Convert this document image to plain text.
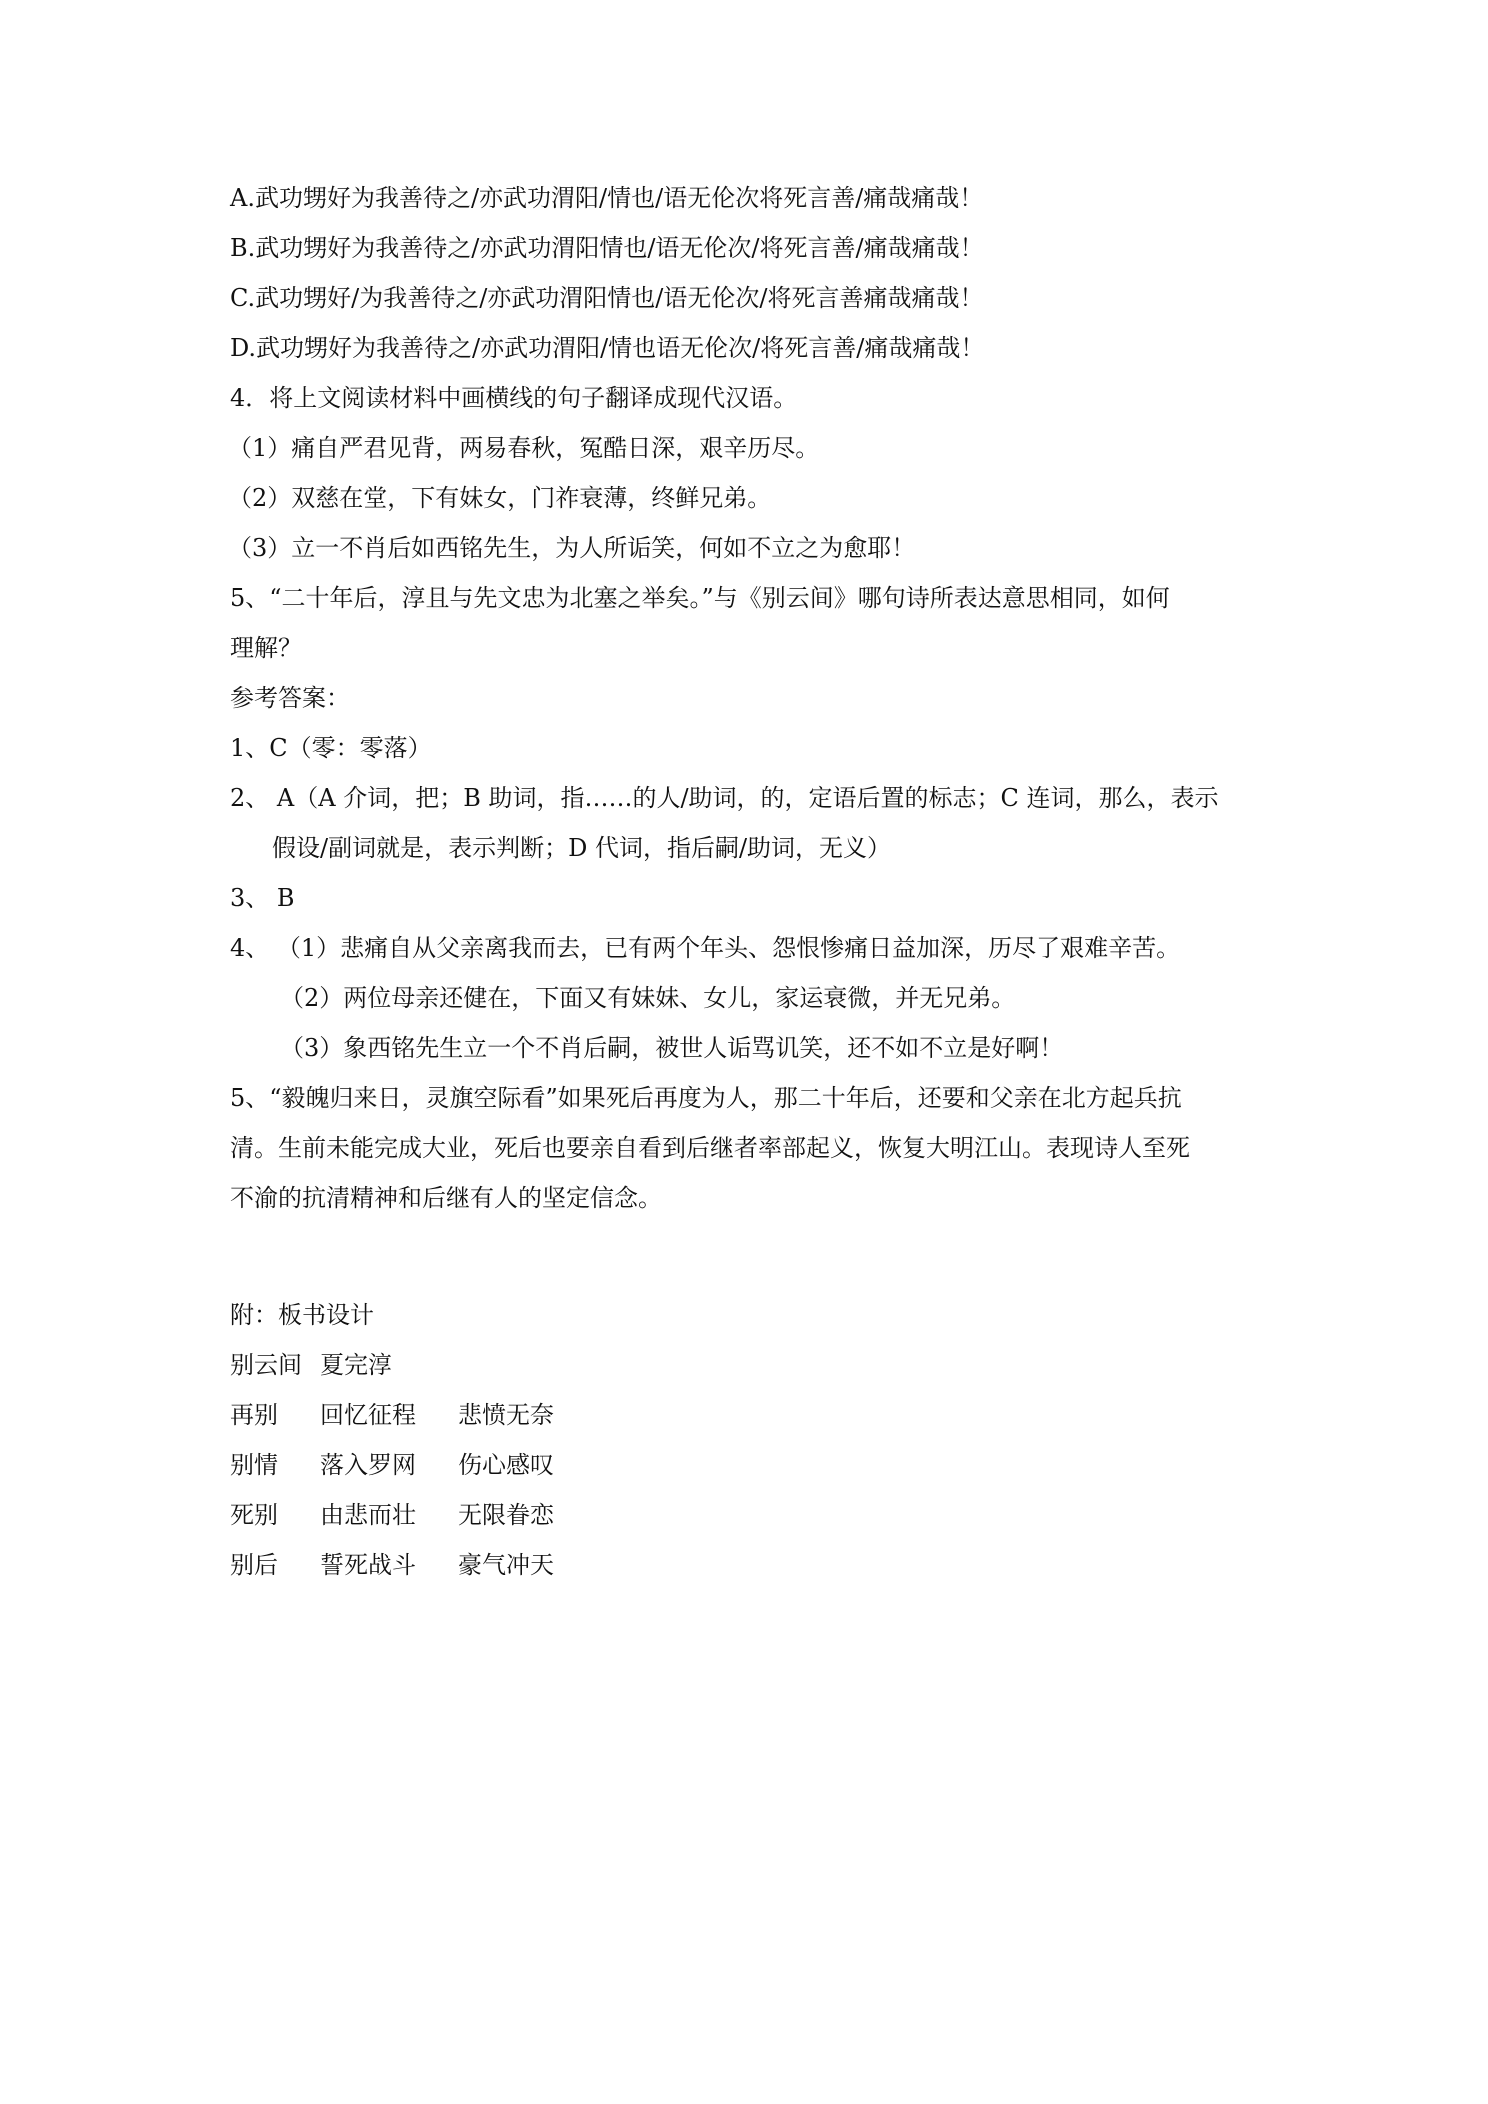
A.武功甥好为我善待之/亦武功渭阳/情也/语无伦次将死言善/痛哉痛哉！
B.武功甥好为我善待之/亦武功渭阳情也/语无伦次/将死言善/痛哉痛哉！
C.武功甥好/为我善待之/亦武功渭阳情也/语无伦次/将死言善痛哉痛哉！
D.武功甥好为我善待之/亦武功渭阳/情也语无伦次/将死言善/痛哉痛哉！
4．将上文阅读材料中画横线的句子翻译成现代汉语。
（1）痛自严君见背，两易春秋，冤酷日深，艰辛历尽。
（2）双慈在堂，下有妹女，门祚衰薄，终鲜兄弟。
（3）立一不肖后如西铭先生，为人所诟笑，何如不立之为愈耶！
5、“二十年后，淳且与先文忠为北塞之举矣。”与《别云间》哪句诗所表达意思相同，如何
理解？
参考答案：
1、C（零：零落）
2、 A（A 介词，把；B 助词，指……的人/助词，的，定语后置的标志；C 连词，那么，表示
假设/副词就是，表示判断；D 代词，指后嗣/助词，无义）
3、 B
4、 （1）悲痛自从父亲离我而去，已有两个年头、怨恨惨痛日益加深，历尽了艰难辛苦。
（2）两位母亲还健在，下面又有妹妹、女儿，家运衰微，并无兄弟。
（3）象西铭先生立一个不肖后嗣，被世人诟骂讥笑，还不如不立是好啊！
5、“毅魄归来日，灵旗空际看”如果死后再度为人，那二十年后，还要和父亲在北方起兵抗
清。生前未能完成大业，死后也要亲自看到后继者率部起义，恢复大明江山。表现诗人至死
不渝的抗清精神和后继有人的坚定信念。
附：板书设计
别云间 夏完淳
再别 回忆征程 悲愤无奈
别情 落入罗网 伤心感叹
死别 由悲而壮 无限眷恋
别后 誓死战斗 豪气冲天
